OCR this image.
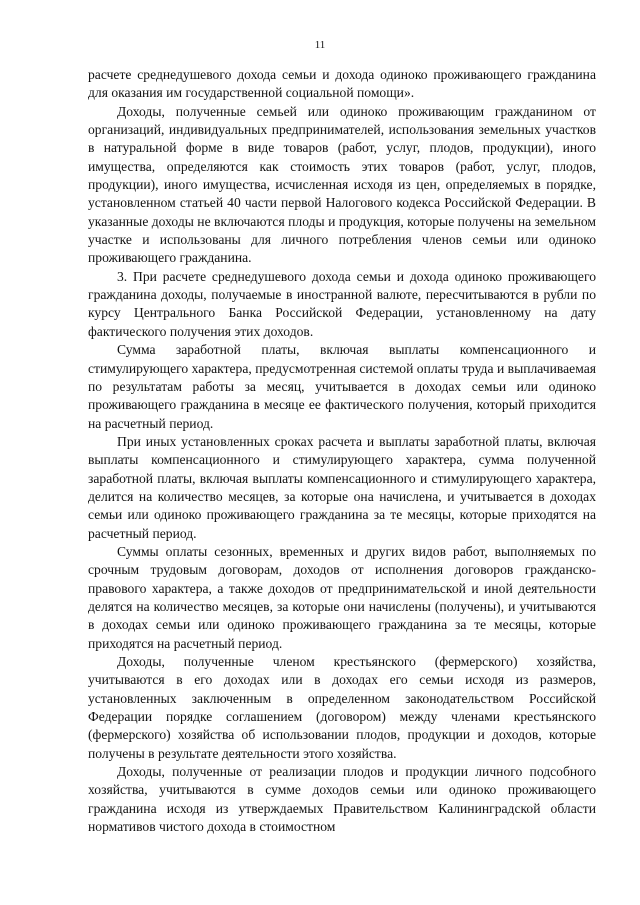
11

расчете среднедушевого дохода семьи и дохода одиноко проживающего гражданина для оказания им государственной социальной помощи».

Доходы, полученные семьей или одиноко проживающим гражданином от организаций, индивидуальных предпринимателей, использования земельных участков в натуральной форме в виде товаров (работ, услуг, плодов, продукции), иного имущества, определяются как стоимость этих товаров (работ, услуг, плодов, продукции), иного имущества, исчисленная исходя из цен, определяемых в порядке, установленном статьей 40 части первой Налогового кодекса Российской Федерации. В указанные доходы не включаются плоды и продукция, которые получены на земельном участке и использованы для личного потребления членов семьи или одиноко проживающего гражданина.

3. При расчете среднедушевого дохода семьи и дохода одиноко проживающего гражданина доходы, получаемые в иностранной валюте, пересчитываются в рубли по курсу Центрального Банка Российской Федерации, установленному на дату фактического получения этих доходов.

Сумма заработной платы, включая выплаты компенсационного и стимулирующего характера, предусмотренная системой оплаты труда и выплачиваемая по результатам работы за месяц, учитывается в доходах семьи или одиноко проживающего гражданина в месяце ее фактического получения, который приходится на расчетный период.

При иных установленных сроках расчета и выплаты заработной платы, включая выплаты компенсационного и стимулирующего характера, сумма полученной заработной платы, включая выплаты компенсационного и стимулирующего характера, делится на количество месяцев, за которые она начислена, и учитывается в доходах семьи или одиноко проживающего гражданина за те месяцы, которые приходятся на расчетный период.

Суммы оплаты сезонных, временных и других видов работ, выполняемых по срочным трудовым договорам, доходов от исполнения договоров гражданско-правового характера, а также доходов от предпринимательской и иной деятельности делятся на количество месяцев, за которые они начислены (получены), и учитываются в доходах семьи или одиноко проживающего гражданина за те месяцы, которые приходятся на расчетный период.

Доходы, полученные членом крестьянского (фермерского) хозяйства, учитываются в его доходах или в доходах его семьи исходя из размеров, установленных заключенным в определенном законодательством Российской Федерации порядке соглашением (договором) между членами крестьянского (фермерского) хозяйства об использовании плодов, продукции и доходов, которые получены в результате деятельности этого хозяйства.

Доходы, полученные от реализации плодов и продукции личного подсобного хозяйства, учитываются в сумме доходов семьи или одиноко проживающего гражданина исходя из утверждаемых Правительством Калининградской области нормативов чистого дохода в стоимостном
